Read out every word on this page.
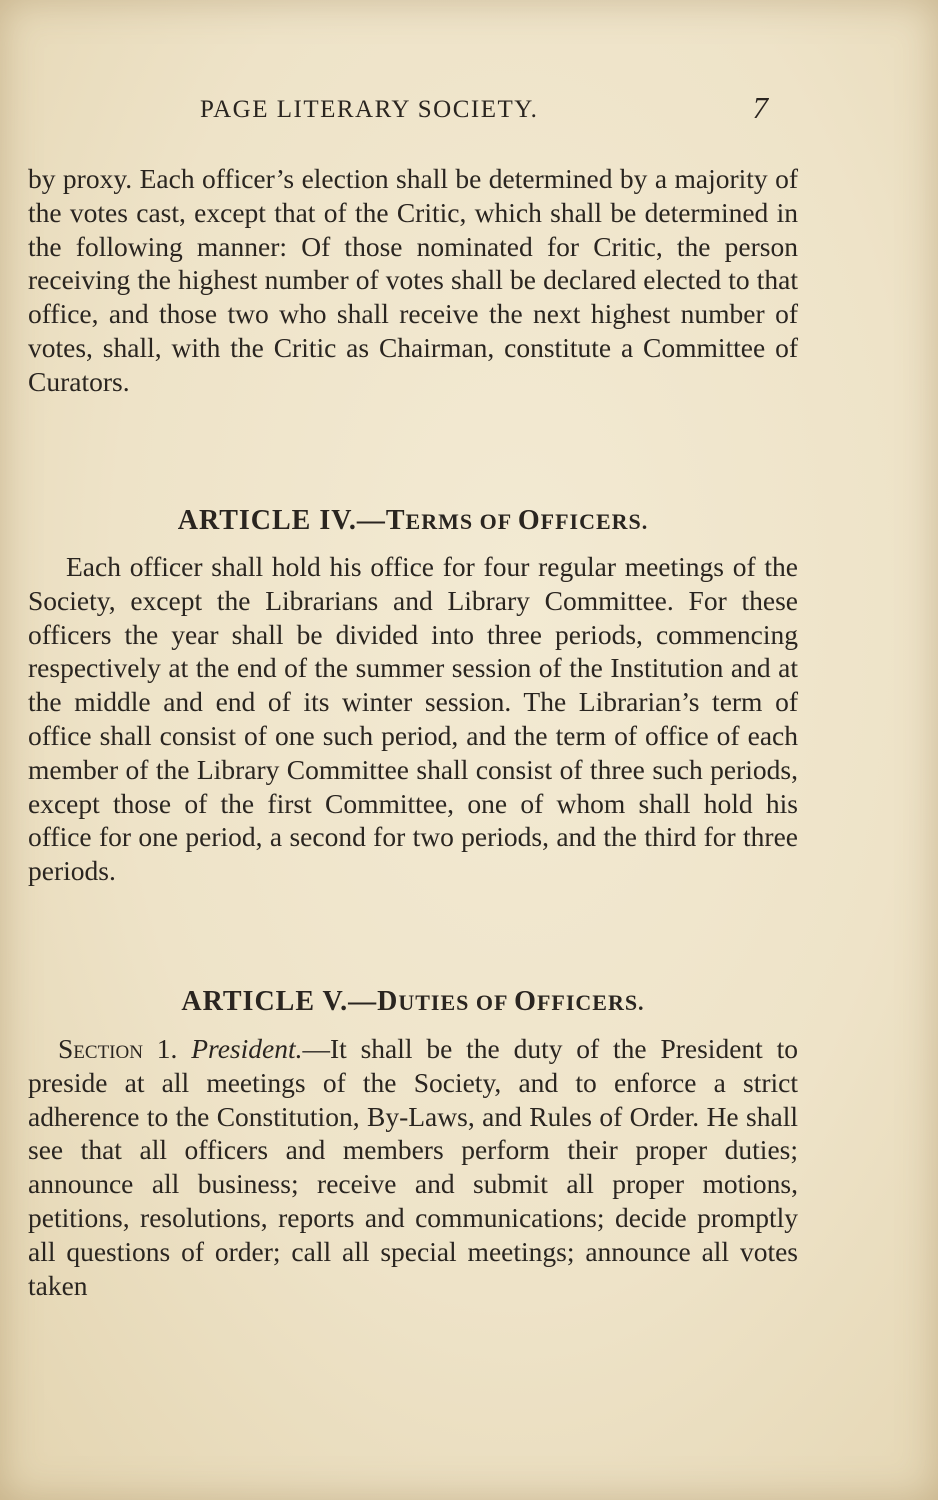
PAGE LITERARY SOCIETY.	7

by proxy. Each officer’s election shall be determined by a majority of the votes cast, except that of the Critic, which shall be determined in the following manner: Of those nominated for Critic, the person receiving the highest number of votes shall be declared elected to that office, and those two who shall receive the next highest number of votes, shall, with the Critic as Chairman, constitute a Committee of Curators.

ARTICLE IV.—TERMS OF OFFICERS.

Each officer shall hold his office for four regular meetings of the Society, except the Librarians and Library Committee. For these officers the year shall be divided into three periods, commencing respectively at the end of the summer session of the Institution and at the middle and end of its winter session. The Librarian’s term of office shall consist of one such period, and the term of office of each member of the Library Committee shall consist of three such periods, except those of the first Committee, one of whom shall hold his office for one period, a second for two periods, and the third for three periods.

ARTICLE V.—DUTIES OF OFFICERS.

Section 1. President.—It shall be the duty of the President to preside at all meetings of the Society, and to enforce a strict adherence to the Constitution, By-Laws, and Rules of Order. He shall see that all officers and members perform their proper duties; announce all business; receive and submit all proper motions, petitions, resolutions, reports and communications; decide promptly all questions of order; call all special meetings; announce all votes taken
